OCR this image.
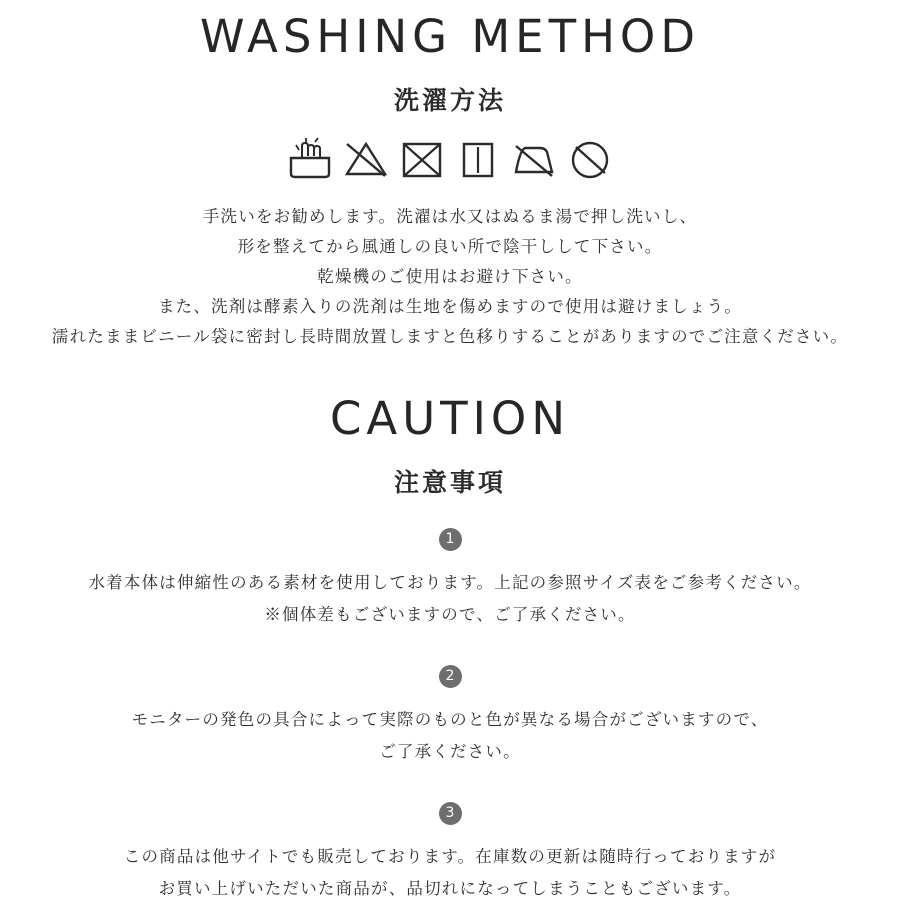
WASHING METHOD
洗濯方法
手洗いをお勧めします。洗濯は水又はぬるま湯で押し洗いし、
形を整えてから風通しの良い所で陰干しして下さい。
乾燥機のご使用はお避け下さい。
また、洗剤は酵素入りの洗剤は生地を傷めますので使用は避けましょう。
濡れたままビニール袋に密封し長時間放置しますと色移りすることがありますのでご注意ください。
CAUTION
注意事項
1
水着本体は伸縮性のある素材を使用しております。上記の参照サイズ表をご参考ください。
※個体差もございますので、ご了承ください。
2
モニターの発色の具合によって実際のものと色が異なる場合がございますので、
ご了承ください。
3
この商品は他サイトでも販売しております。在庫数の更新は随時行っておりますが
お買い上げいただいた商品が、品切れになってしまうこともございます。
